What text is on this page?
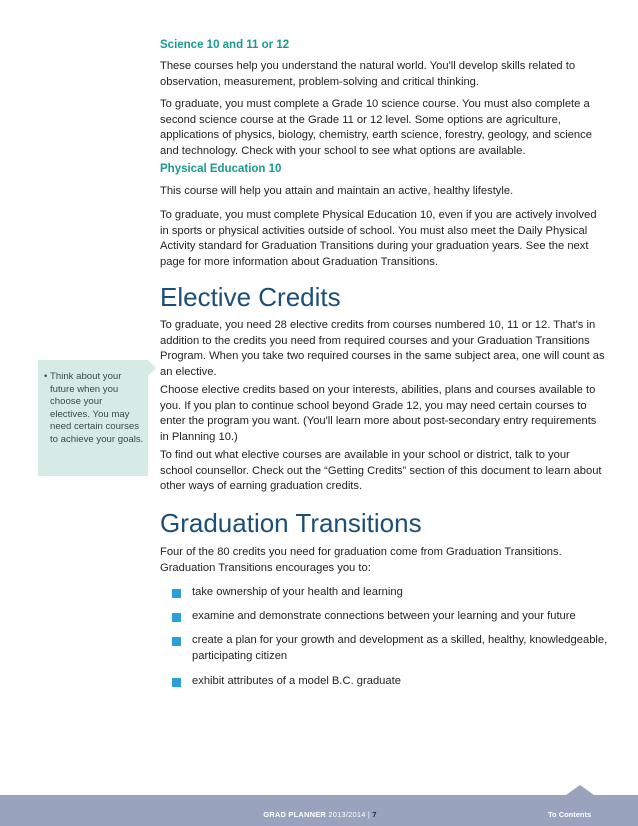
Science 10 and 11 or 12

These courses help you understand the natural world. You'll develop skills related to observation, measurement, problem-solving and critical thinking.

To graduate, you must complete a Grade 10 science course. You must also complete a second science course at the Grade 11 or 12 level. Some options are agriculture, applications of physics, biology, chemistry, earth science, forestry, geology, and science and technology. Check with your school to see what options are available.

Physical Education 10

This course will help you attain and maintain an active, healthy lifestyle.

To graduate, you must complete Physical Education 10, even if you are actively involved in sports or physical activities outside of school. You must also meet the Daily Physical Activity standard for Graduation Transitions during your graduation years. See the next page for more information about Graduation Transitions.

Elective Credits

To graduate, you need 28 elective credits from courses numbered 10, 11 or 12. That's in addition to the credits you need from required courses and your Graduation Transitions Program. When you take two required courses in the same subject area, one will count as an elective.

Choose elective credits based on your interests, abilities, plans and courses available to you. If you plan to continue school beyond Grade 12, you may need certain courses to enter the program you want. (You'll learn more about post-secondary entry requirements in Planning 10.)

To find out what elective courses are available in your school or district, talk to your school counsellor. Check out the “Getting Credits” section of this document to learn about other ways of earning graduation credits.

Graduation Transitions

Four of the 80 credits you need for graduation come from Graduation Transitions. Graduation Transitions encourages you to:

take ownership of your health and learning
examine and demonstrate connections between your learning and your future
create a plan for your growth and development as a skilled, healthy, knowledgeable, participating citizen
exhibit attributes of a model B.C. graduate
• Think about your future when you choose your electives. You may need certain courses to achieve your goals.
GRAD PLANNER 2013/2014 | 7	To Contents
